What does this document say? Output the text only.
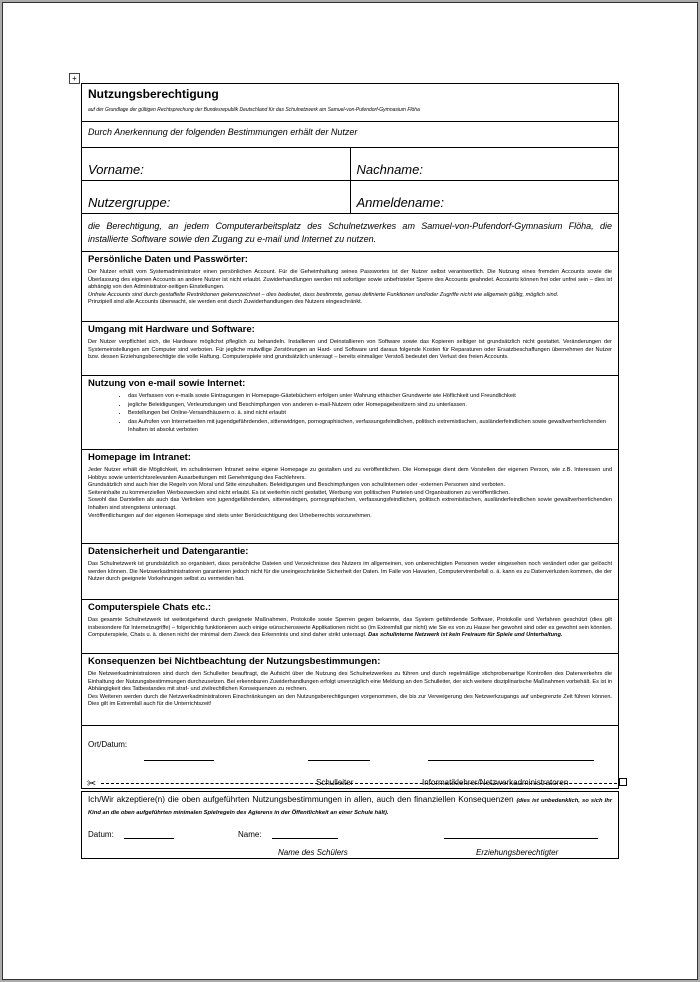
+
Nutzungsberechtigung
auf der Grundlage der gültigen Rechtsprechung der Bundesrepublik Deutschland für das Schulnetzwerk am Samuel-von-Pufendorf-Gymnasium Flöha
Durch Anerkennung der folgenden Bestimmungen erhält der Nutzer
Vorname:	Nachname:
Nutzergruppe:	Anmeldename:
die Berechtigung, an jedem Computerarbeitsplatz des Schulnetzwerkes am Samuel-von-Pufendorf-Gymnasium Flöha, die installierte Software sowie den Zugang zu e-mail und Internet zu nutzen.
Persönliche Daten und Passwörter:

Der Nutzer erhält vom Systemadministrator einen persönlichen Account. Für die Geheimhaltung seines Passwortes ist der Nutzer selbst verantwortlich. Die Nutzung eines fremden Accounts sowie die Überlassung des eigenen Accounts an andere Nutzer ist nicht erlaubt. Zuwiderhandlungen werden mit sofortiger sowie unbefristeter Sperre des Accounts geahndet. Accounts können frei oder unfrei sein – dies ist abhängig von den Administrator-seitigen Einstellungen.

Unfreie Accounts sind durch gestaffelte Restriktionen gekennzeichnet – dies bedeutet, dass bestimmte, genau definierte Funktionen und/oder Zugriffe nicht wie allgemein gültig, möglich sind.

Prinzipiell sind alle Accounts überwacht, sie werden erst durch Zuwiderhandlungen des Nutzers eingeschränkt.

Umgang mit Hardware und Software:

Der Nutzer verpflichtet sich, die Hardware möglichst pfleglich zu behandeln. Installieren und Deinstallieren von Software sowie das Kopieren selbiger ist grundsätzlich nicht gestattet. Veränderungen der Systemeinstellungen am Computer sind verboten. Für jegliche mutwillige Zerstörungen an Hard- und Software und daraus folgende Kosten für Reparaturen oder Ersatzbeschaffungen übernehmen der Nutzer bzw. dessen Erziehungsberechtigte die volle Haftung. Computerspiele sind grundsätzlich untersagt – bereits einmaliger Verstoß bedeutet den Verlust des freien Accounts.

Nutzung von e-mail sowie Internet:
• das Verfassen von e-mails sowie Eintragungen in Homepage-Gästebüchern erfolgen unter Wahrung ethischer Grundwerte wie Höflichkeit und Freundlichkeit
• jegliche Beleidigungen, Verleumdungen und Beschimpfungen von anderen e-mail-Nutzern oder Homepagebesitzern sind zu unterlassen.
• Bestellungen bei Online-Versandhäusern o. ä. sind nicht erlaubt
• das Aufrufen von Internetseiten mit jugendgefährdenden, sittenwidrigen, pornographischen, verfassungsfeindlichen, politisch extremistischen, ausländerfeindlichen sowie gewaltverherrlichenden Inhalten ist absolut verboten
Homepage im Intranet:

Jeder Nutzer erhält die Möglichkeit, im schulinternen Intranet seine eigene Homepage zu gestalten und zu veröffentlichen. Die Homepage dient dem Vorstellen der eigenen Person, wie z.B. Interessen und Hobbys sowie unterrichtsrelevanten Ausarbeitungen mit Genehmigung des Fachlehrers.

Grundsätzlich sind auch hier die Regeln von Moral und Sitte einzuhalten. Beleidigungen und Beschimpfungen von schulinternen oder -externen Personen sind verboten.

Seiteninhalte zu kommerziellen Werbezwecken sind nicht erlaubt. Es ist weiterhin nicht gestattet, Werbung von politischen Parteien und Organisationen zu veröffentlichen.

Sowohl das Darstellen als auch das Verlinken von jugendgefährdenden, sittenwidrigen, pornographischen, verfassungsfeindlichen, politisch extremistischen, ausländerfeindlichen sowie gewaltverherrlichenden Inhalten sind strengstens untersagt.

Veröffentlichungen auf der eigenen Homepage sind stets unter Berücksichtigung des Urheberrechts vorzunehmen.

Datensicherheit und Datengarantie:

Das Schulnetzwerk ist grundsätzlich so organisiert, dass persönliche Dateien und Verzeichnisse des Nutzers im allgemeinen, von unberechtigten Personen weder eingesehen noch verändert oder gar gelöscht werden können. Die Netzwerkadministratoren garantieren jedoch nicht für die uneingeschränkte Sicherheit der Daten. Im Falle von Havarien, Computervirenbefall o. ä. kann es zu Datenverlusten kommen, die der Nutzer durch geeignete Vorkehrungen selbst zu vermeiden hat.

Computerspiele Chats etc.:

Das gesamte Schulnetzwerk ist weitestgehend durch geeignete Maßnahmen, Protokolle sowie Sperren gegen bekannte, das System gefährdende Software, Protokolle und Verfahren geschützt (dies gilt insbesondere für Internetzugriffe) – folgerichtig funktionieren auch einige wünschenswerte Applikationen nicht so (im Extremfall gar nicht) wie Sie es von zu Hause her gewohnt sind oder es gewohnt sein könnten. Computerspiele, Chats u. ä. dienen nicht der minimal dem Zweck des Erkenntnis und sind daher strikt untersagt. Das schulinterne Netzwerk ist kein Freiraum für Spiele und Unterhaltung.

Konsequenzen bei Nichtbeachtung der Nutzungsbestimmungen:

Die Netzwerkadministratoren sind durch den Schulleiter beauftragt, die Aufsicht über die Nutzung des Schulnetzwerkes zu führen und durch regelmäßige stichprobenartige Kontrollen des Datenverkehrs die Einhaltung der Nutzungsbestimmungen durchzusetzen. Bei erkennbaren Zuwiderhandlungen erfolgt unverzüglich eine Meldung an den Schulleiter, der sich weitere disziplinarische Maßnahmen vorbehält. Es ist in Abhängigkeit des Tatbestandes mit straf- und zivilrechtlichen Konsequenzen zu rechnen.

Des Weiteren werden durch die Netzwerkadministratoren Einschränkungen an den Nutzungsberechtigungen vorgenommen, die bis zur Verweigerung des Netzwerkzugangs auf unbegrenzte Zeit führen können. Dies gilt im Extremfall auch für die Unterrichtszeit!

Ort/Datum:
Schulleiter	Informatiklehrer/Netzwerkadministratoren
✂
Ich/Wir akzeptiere(n) die oben aufgeführten Nutzungsbestimmungen in allen, auch den finanziellen Konsequenzen (dies ist unbedenklich, so sich Ihr Kind an die oben aufgeführten minimalen Spielregeln des Agierens in der Öffentlichkeit an einer Schule hält).
Datum:	Name:
Name des Schülers	Erziehungsberechtigter
